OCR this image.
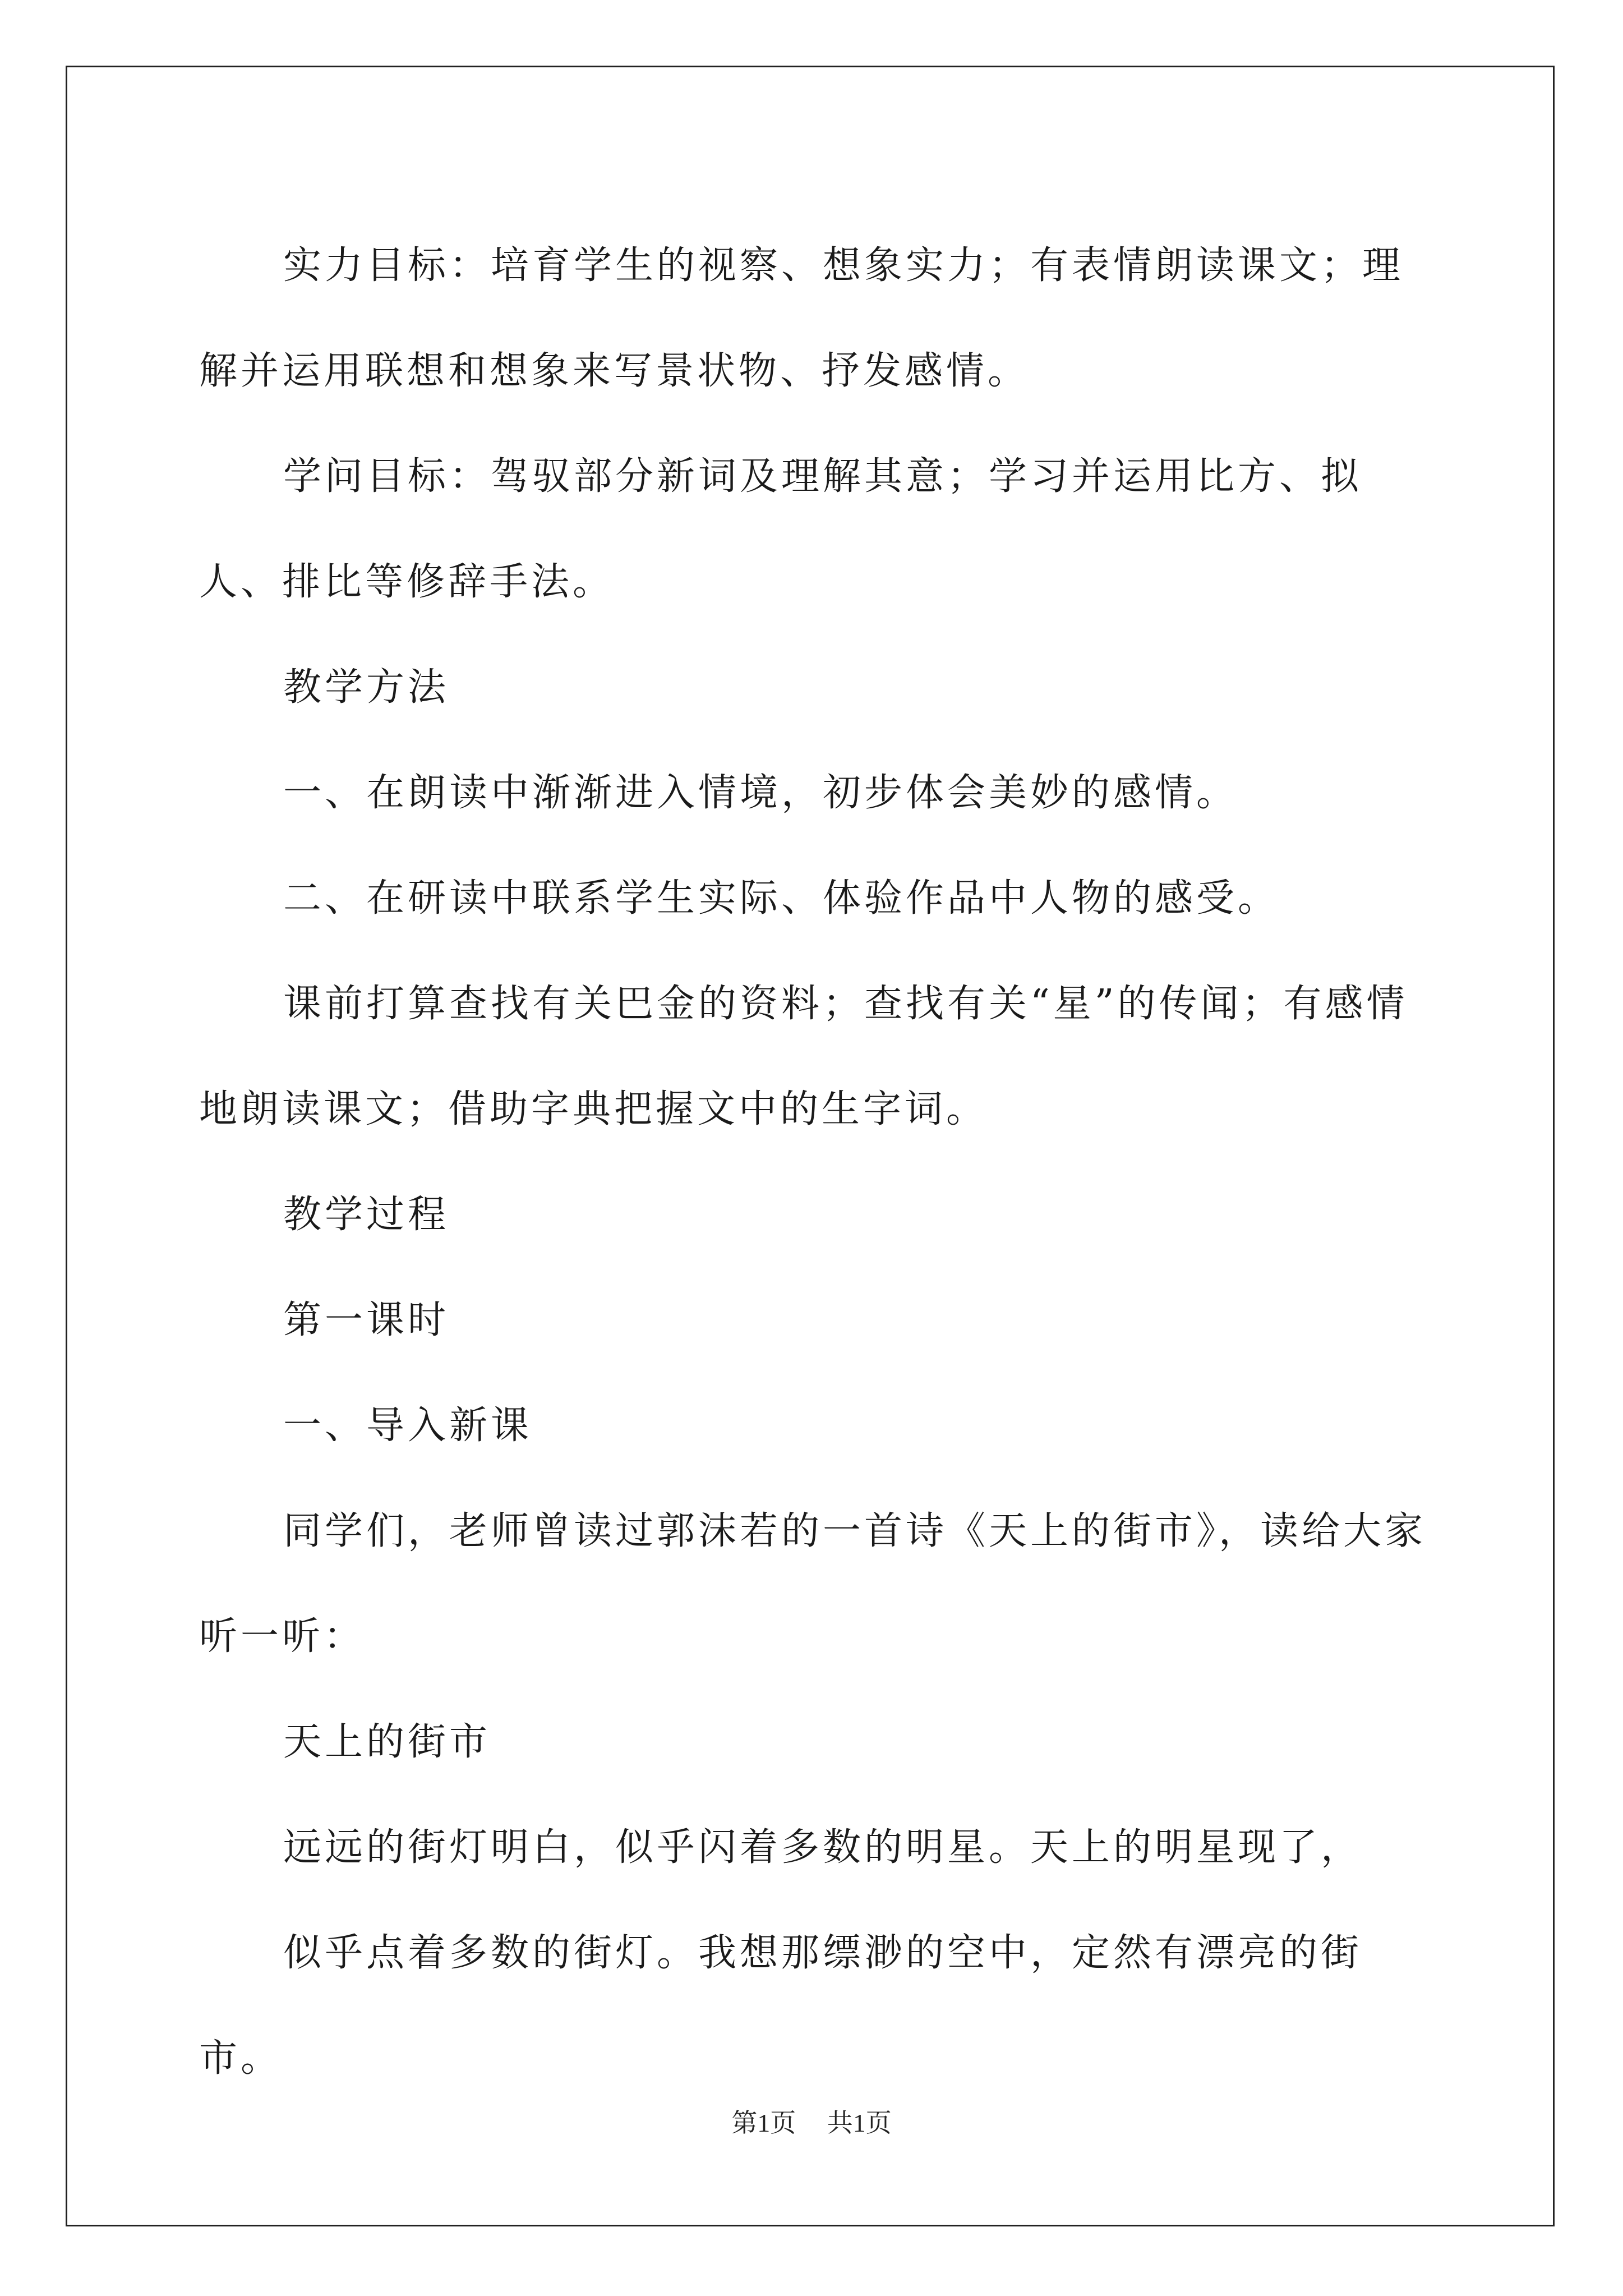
实力目标：培育学生的视察、想象实力；有表情朗读课文；理解并运用联想和想象来写景状物、抒发感情。

学问目标：驾驭部分新词及理解其意；学习并运用比方、拟人、排比等修辞手法。

教学方法

一、在朗读中渐渐进入情境，初步体会美妙的感情。

二、在研读中联系学生实际、体验作品中人物的感受。

课前打算查找有关巴金的资料；查找有关“星”的传闻；有感情地朗读课文；借助字典把握文中的生字词。

教学过程

第一课时

一、导入新课

同学们，老师曾读过郭沫若的一首诗《天上的街市》，读给大家听一听：

天上的街市

远远的街灯明白，似乎闪着多数的明星。天上的明星现了，

似乎点着多数的街灯。我想那缥渺的空中，定然有漂亮的街市。

第1页 共1页
